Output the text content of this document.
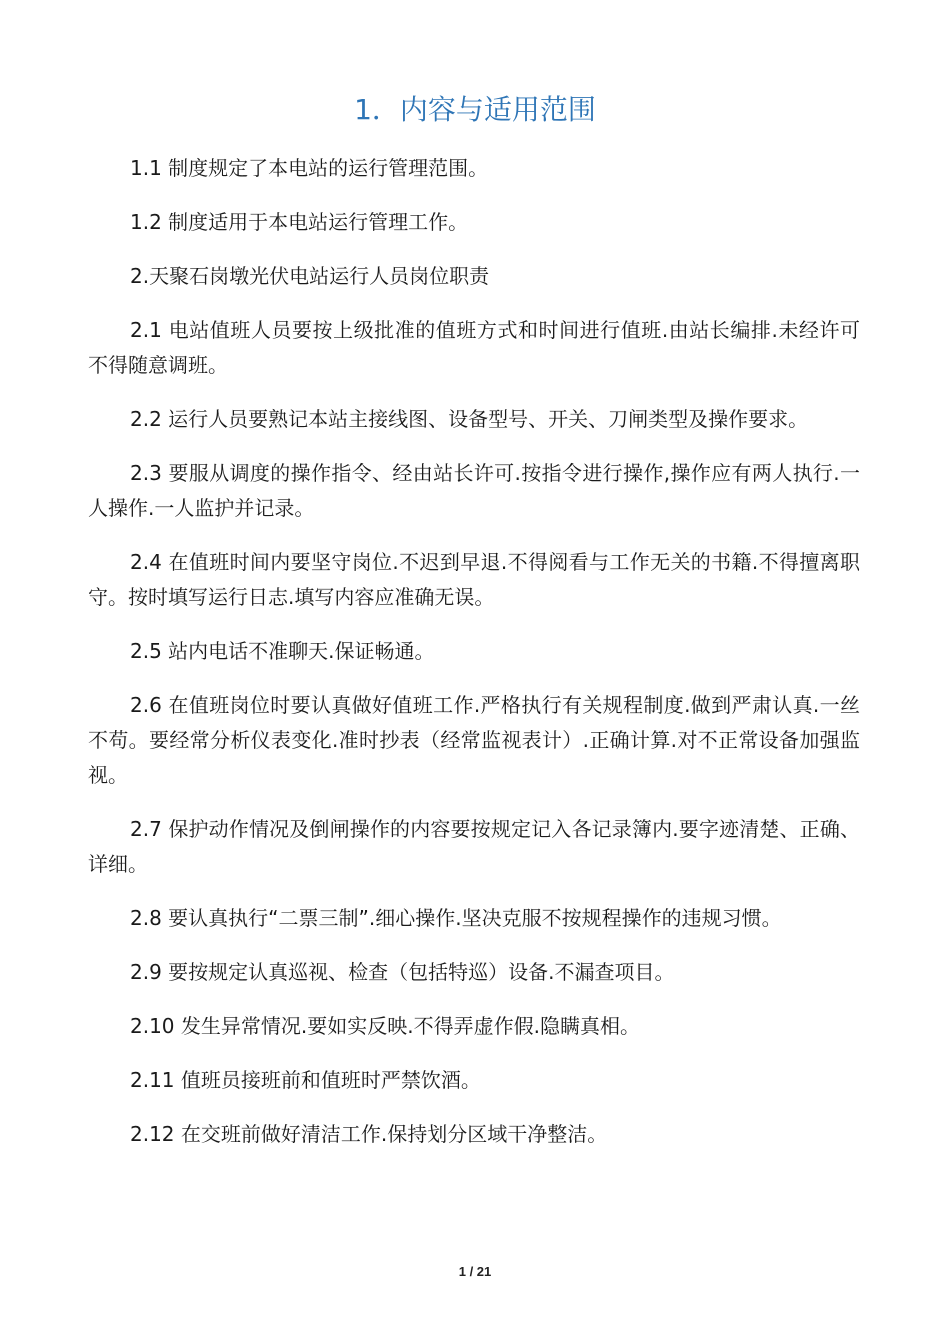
1．内容与适用范围

1.1 制度规定了本电站的运行管理范围。

1.2 制度适用于本电站运行管理工作。

2.天聚石岗墩光伏电站运行人员岗位职责

2.1 电站值班人员要按上级批准的值班方式和时间进行值班.由站长编排.未经许可不得随意调班。

2.2 运行人员要熟记本站主接线图、设备型号、开关、刀闸类型及操作要求。

2.3 要服从调度的操作指令、经由站长许可.按指令进行操作,操作应有两人执行.一人操作.一人监护并记录。

2.4 在值班时间内要坚守岗位.不迟到早退.不得阅看与工作无关的书籍.不得擅离职守。按时填写运行日志.填写内容应准确无误。

2.5 站内电话不准聊天.保证畅通。

2.6 在值班岗位时要认真做好值班工作.严格执行有关规程制度.做到严肃认真.一丝不苟。要经常分析仪表变化.准时抄表（经常监视表计）.正确计算.对不正常设备加强监视。

2.7 保护动作情况及倒闸操作的内容要按规定记入各记录簿内.要字迹清楚、正确、详细。

2.8 要认真执行“二票三制”.细心操作.坚决克服不按规程操作的违规习惯。

2.9 要按规定认真巡视、检查（包括特巡）设备.不漏查项目。

2.10 发生异常情况.要如实反映.不得弄虚作假.隐瞒真相。

2.11 值班员接班前和值班时严禁饮酒。

2.12 在交班前做好清洁工作.保持划分区域干净整洁。

1 / 21
